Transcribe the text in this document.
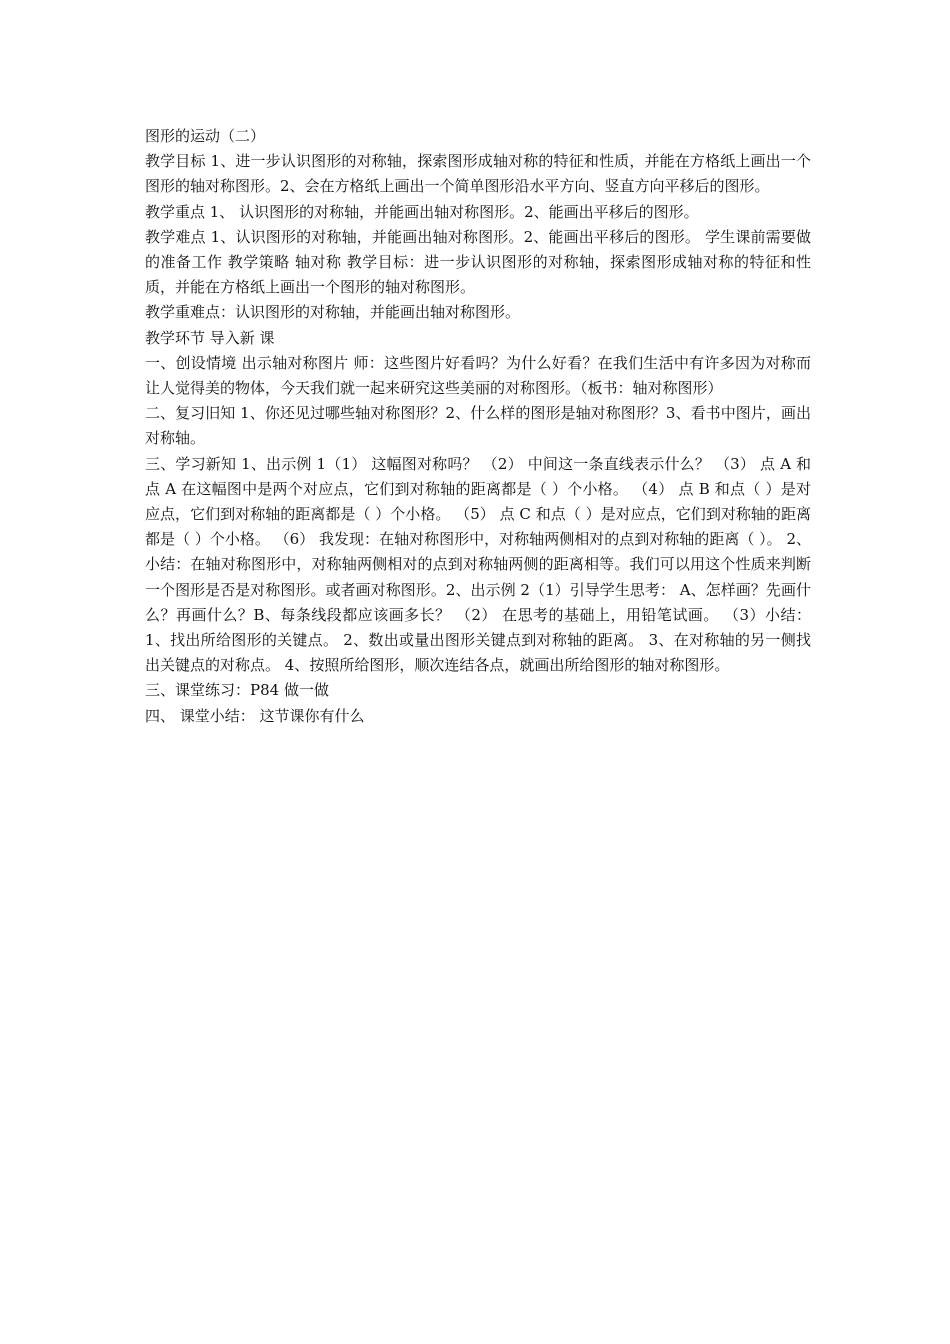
图形的运动（二）

教学目标 1、进一步认识图形的对称轴，探索图形成轴对称的特征和性质，并能在方格纸上画出一个图形的轴对称图形。2、会在方格纸上画出一个简单图形沿水平方向、竖直方向平移后的图形。

教学重点 1、 认识图形的对称轴，并能画出轴对称图形。2、能画出平移后的图形。

教学难点 1、认识图形的对称轴，并能画出轴对称图形。2、能画出平移后的图形。 学生课前需要做的准备工作 教学策略 轴对称 教学目标：进一步认识图形的对称轴，探索图形成轴对称的特征和性质，并能在方格纸上画出一个图形的轴对称图形。

教学重难点：认识图形的对称轴，并能画出轴对称图形。

教学环节 导入新 课

一、创设情境 出示轴对称图片 师：这些图片好看吗？为什么好看？在我们生活中有许多因为对称而让人觉得美的物体，今天我们就一起来研究这些美丽的对称图形。（板书：轴对称图形）

二、复习旧知 1、你还见过哪些轴对称图形？2、什么样的图形是轴对称图形？3、看书中图片，画出对称轴。

三、学习新知 1、出示例 1（1） 这幅图对称吗？ （2） 中间这一条直线表示什么？ （3） 点 A 和点 A 在这幅图中是两个对应点，它们到对称轴的距离都是（ ）个小格。 （4） 点 B 和点（ ）是对应点，它们到对称轴的距离都是（ ）个小格。 （5） 点 C 和点（ ）是对应点，它们到对称轴的距离都是（ ）个小格。 （6） 我发现：在轴对称图形中，对称轴两侧相对的点到对称轴的距离（ ）。 2、小结：在轴对称图形中，对称轴两侧相对的点到对称轴两侧的距离相等。我们可以用这个性质来判断一个图形是否是对称图形。或者画对称图形。2、出示例 2（1）引导学生思考： A、怎样画？先画什么？再画什么？B、每条线段都应该画多长？ （2） 在思考的基础上，用铅笔试画。 （3）小结：1、找出所给图形的关键点。 2、数出或量出图形关键点到对称轴的距离。 3、在对称轴的另一侧找出关键点的对称点。 4、按照所给图形，顺次连结各点，就画出所给图形的轴对称图形。

三、课堂练习：P84 做一做

四、 课堂小结： 这节课你有什么
